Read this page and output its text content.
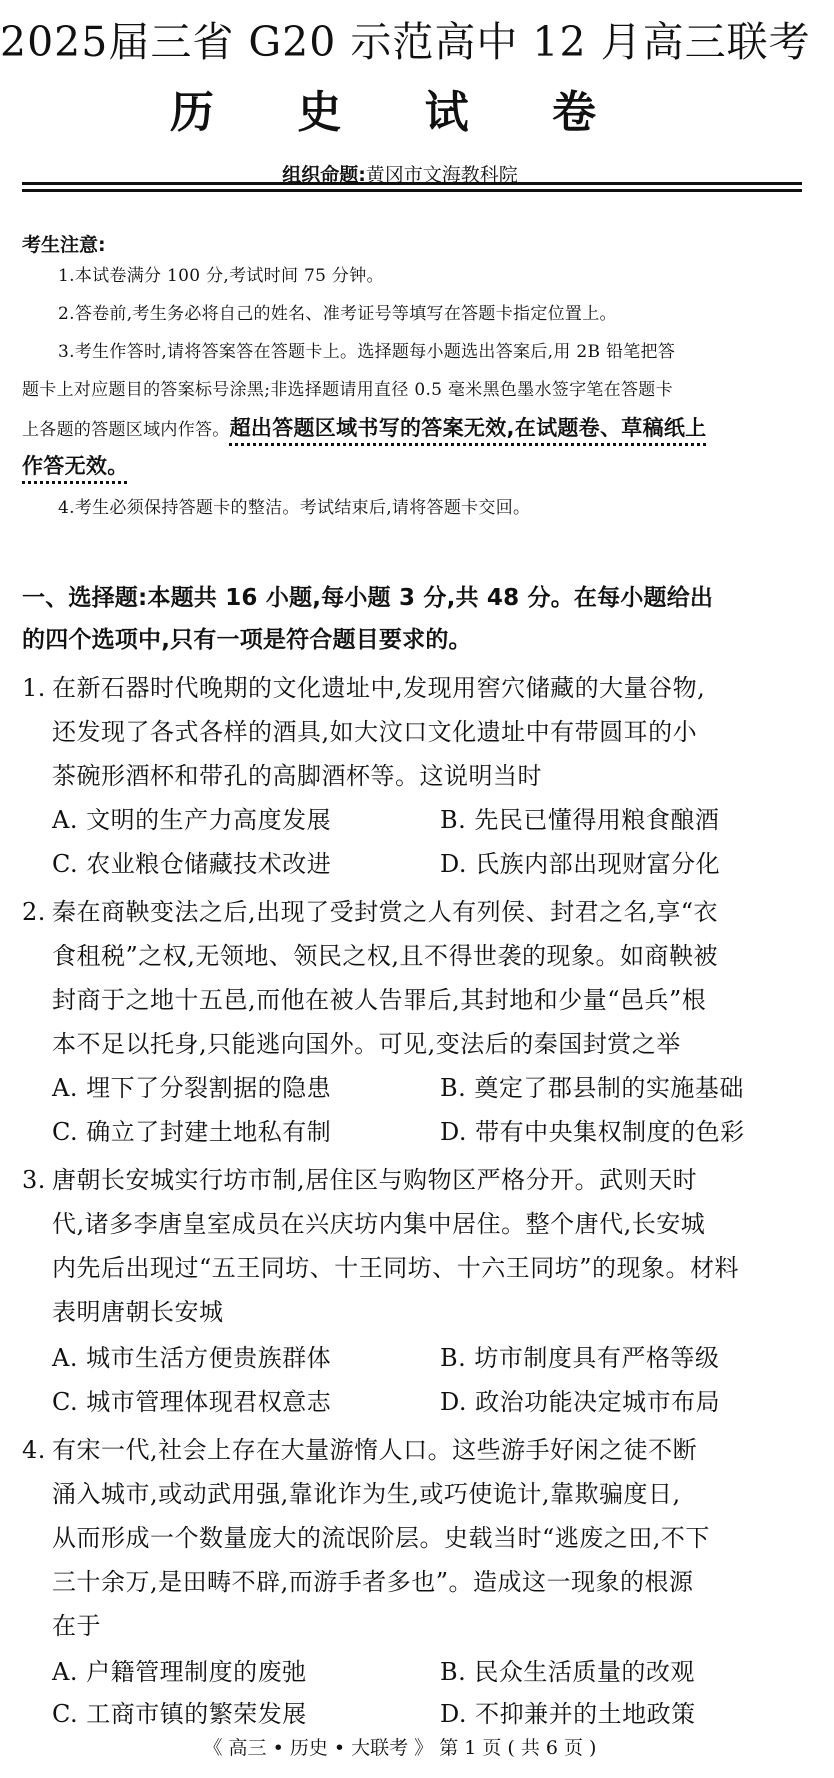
2025届三省 G20 示范高中 12 月高三联考
历 史 试 卷
组织命题:黄冈市文海教科院
考生注意:
1.本试卷满分 100 分,考试时间 75 分钟。
2.答卷前,考生务必将自己的姓名、准考证号等填写在答题卡指定位置上。
3.考生作答时,请将答案答在答题卡上。选择题每小题选出答案后,用 2B 铅笔把答
题卡上对应题目的答案标号涂黑;非选择题请用直径 0.5 毫米黑色墨水签字笔在答题卡
上各题的答题区域内作答。超出答题区域书写的答案无效,在试题卷、草稿纸上
作答无效。
4.考生必须保持答题卡的整洁。考试结束后,请将答题卡交回。
一、选择题:本题共 16 小题,每小题 3 分,共 48 分。在每小题给出
的四个选项中,只有一项是符合题目要求的。
1. 在新石器时代晚期的文化遗址中,发现用窖穴储藏的大量谷物,
还发现了各式各样的酒具,如大汶口文化遗址中有带圆耳的小
茶碗形酒杯和带孔的高脚酒杯等。这说明当时
A. 文明的生产力高度发展	B. 先民已懂得用粮食酿酒
C. 农业粮仓储藏技术改进	D. 氏族内部出现财富分化
2. 秦在商鞅变法之后,出现了受封赏之人有列侯、封君之名,享“衣
食租税”之权,无领地、领民之权,且不得世袭的现象。如商鞅被
封商于之地十五邑,而他在被人告罪后,其封地和少量“邑兵”根
本不足以托身,只能逃向国外。可见,变法后的秦国封赏之举
A. 埋下了分裂割据的隐患	B. 奠定了郡县制的实施基础
C. 确立了封建土地私有制	D. 带有中央集权制度的色彩
3. 唐朝长安城实行坊市制,居住区与购物区严格分开。武则天时
代,诸多李唐皇室成员在兴庆坊内集中居住。整个唐代,长安城
内先后出现过“五王同坊、十王同坊、十六王同坊”的现象。材料
表明唐朝长安城
A. 城市生活方便贵族群体	B. 坊市制度具有严格等级
C. 城市管理体现君权意志	D. 政治功能决定城市布局
4. 有宋一代,社会上存在大量游惰人口。这些游手好闲之徒不断
涌入城市,或动武用强,靠讹诈为生,或巧使诡计,靠欺骗度日,
从而形成一个数量庞大的流氓阶层。史载当时“逃废之田,不下
三十余万,是田畴不辟,而游手者多也”。造成这一现象的根源
在于
A. 户籍管理制度的废弛	B. 民众生活质量的改观
C. 工商市镇的繁荣发展	D. 不抑兼并的土地政策
《 高三 • 历史 • 大联考 》 第 1 页 ( 共 6 页 )
